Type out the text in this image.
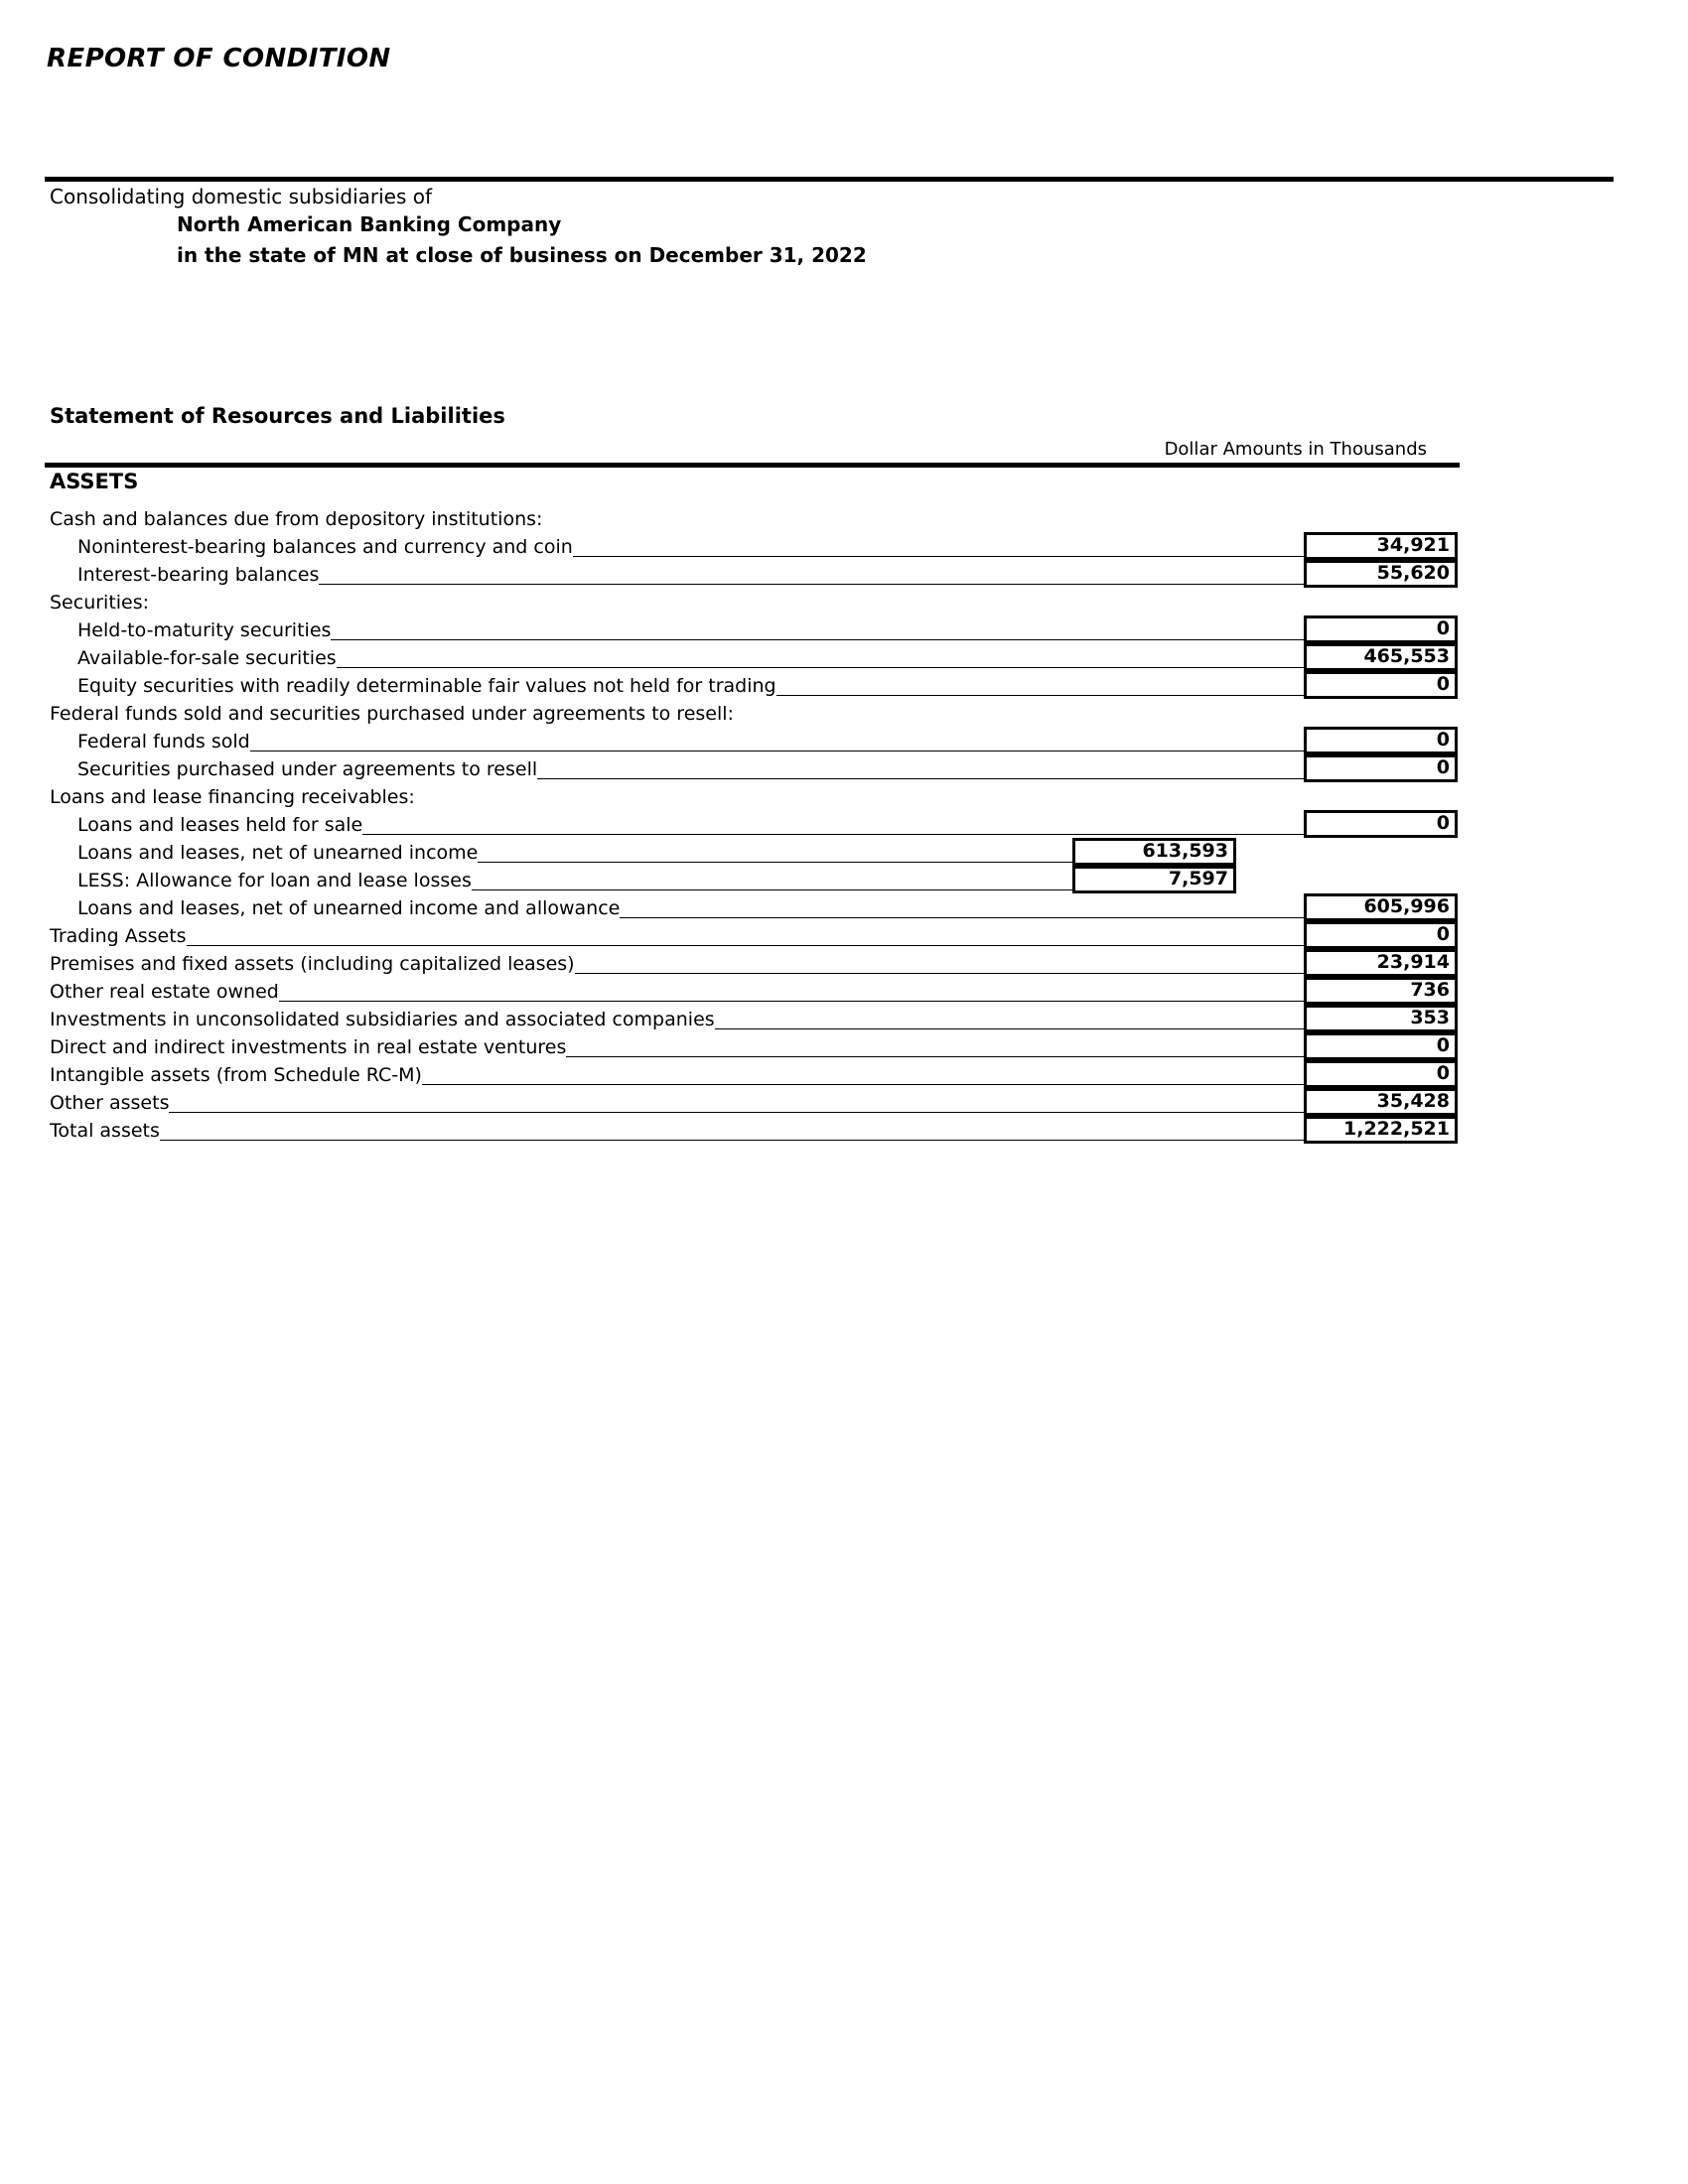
REPORT OF CONDITION
Consolidating domestic subsidiaries of
North American Banking Company
in the state of MN at close of business on December 31, 2022
Statement of Resources and Liabilities
Dollar Amounts in Thousands
ASSETS
Cash and balances due from depository institutions:
Noninterest-bearing balances and currency and coin	34,921
Interest-bearing balances	55,620
Securities:
Held-to-maturity securities	0
Available-for-sale securities	465,553
Equity securities with readily determinable fair values not held for trading	0
Federal funds sold and securities purchased under agreements to resell:
Federal funds sold	0
Securities purchased under agreements to resell	0
Loans and lease financing receivables:
Loans and leases held for sale	0
Loans and leases, net of unearned income	613,593
LESS: Allowance for loan and lease losses	7,597
Loans and leases, net of unearned income and allowance	605,996
Trading Assets	0
Premises and fixed assets (including capitalized leases)	23,914
Other real estate owned	736
Investments in unconsolidated subsidiaries and associated companies	353
Direct and indirect investments in real estate ventures	0
Intangible assets (from Schedule RC-M)	0
Other assets	35,428
Total assets	1,222,521
